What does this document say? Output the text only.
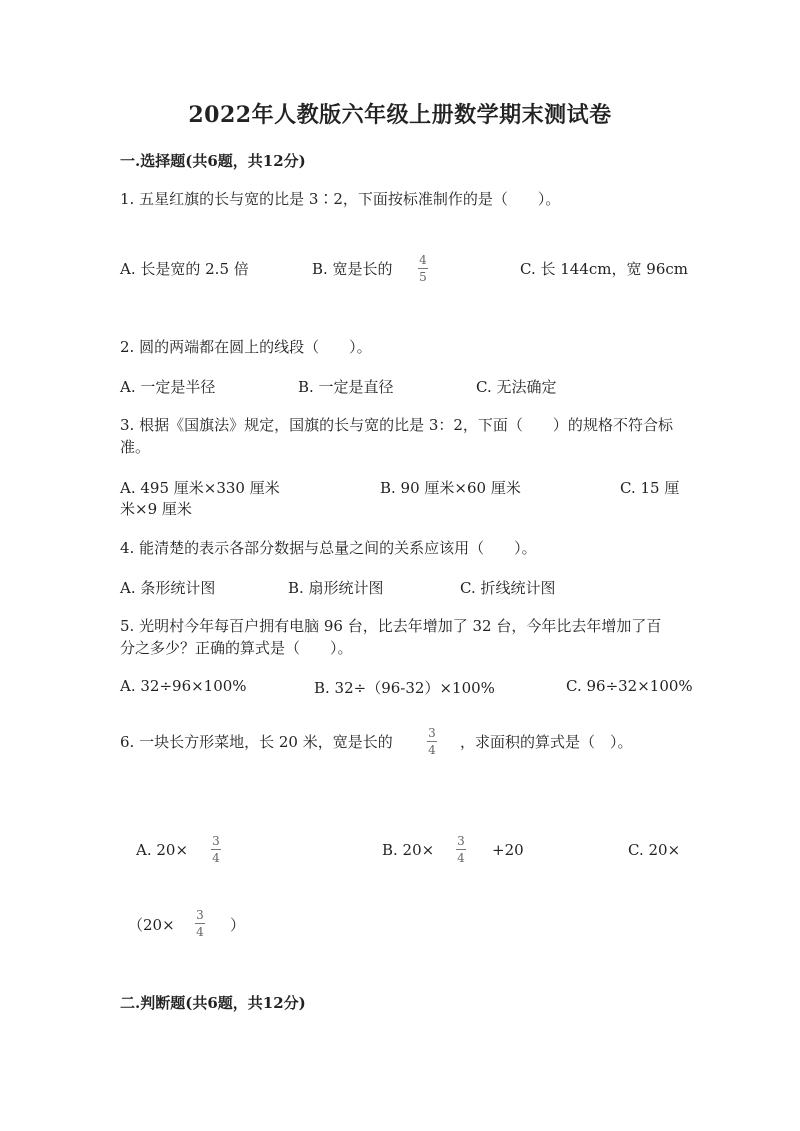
2022年人教版六年级上册数学期末测试卷
一.选择题(共6题，共12分)
1. 五星红旗的长与宽的比是 3∶2，下面按标准制作的是（　　）。
A. 长是宽的 2.5 倍	B. 宽是长的 4
5	C. 长 144cm，宽 96cm
2. 圆的两端都在圆上的线段（　　）。
A. 一定是半径	B. 一定是直径	C. 无法确定
3. 根据《国旗法》规定，国旗的长与宽的比是 3：2，下面（　　）的规格不符合标准。
A. 495 厘米×330 厘米	B. 90 厘米×60 厘米	C. 15 厘
米×9 厘米
4. 能清楚的表示各部分数据与总量之间的关系应该用（　　）。
A. 条形统计图	B. 扇形统计图	C. 折线统计图
5. 光明村今年每百户拥有电脑 96 台，比去年增加了 32 台，今年比去年增加了百分之多少？正确的算式是（　　）。
A. 32÷96×100%	B. 32÷（96-32）×100%	C. 96÷32×100%
6. 一块长方形菜地，长 20 米，宽是长的	3
4 ，求面积的算式是（　）。
A. 20× 3
4	B. 20× 3
4 +20	C. 20×
（20×
3
4 ）
二.判断题(共6题，共12分)
